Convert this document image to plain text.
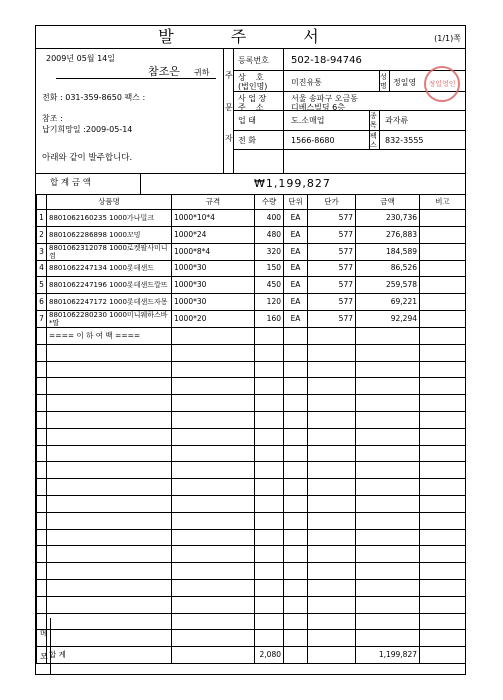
발 주 서	(1/1)쪽
2009년 05월 14일
참조은 귀하
전화 : 031-359-8650 팩스 :
참조 :
납기희망일 :2009-05-14
아래와 같이 발주합니다.
주
문
자
등록번호 502-18-94746
상    호
(법인명)	미진유통
성
명 정일영	정일영인
사 업 장
주    소
서울 송파구 오금동
디베스빌딩 6층
업 태	도.소매업	종
목 과자류
전 화	1566-8680	팩
스 832-3555
합 계 금 액	₩1,199,827
	상품명	규격	수량	단위	단가	금액	비고
1	8801062160235 1000가나밀크	1000*10*4	400	EA	577	230,736	
2	8801062286898 1000꼬밍	1000*24	480	EA	577	276,883	
3	8801062312078 1000로켓팔사미니껌	1000*8*4	320	EA	577	184,589	
4	8801062247134 1000롯데샌드	1000*30	150	EA	577	86,526	
5	8801062247196 1000롯데샌드깔뜨	1000*30	450	EA	577	259,578	
6	8801062247172 1000롯데샌드자몽	1000*30	120	EA	577	69,221	
7	8801062280230 1000미니웨하스바*딸	1000*20	160	EA	577	92,294	
	==== 이 하 여 백 ====						

	합 계		2,080			1,199,827	
메
모
